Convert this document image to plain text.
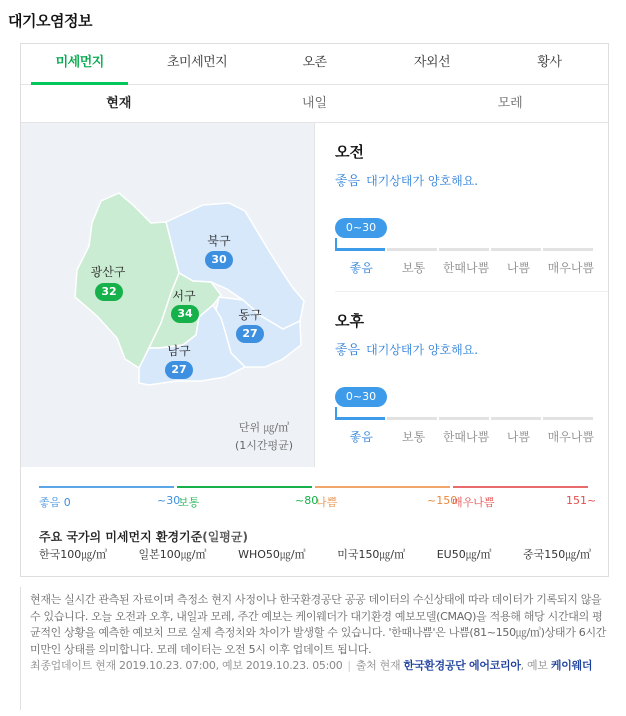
대기오염정보
미세먼지	초미세먼지	오존	자외선	황사
현재	내일	모레
광산구
32
북구
30
서구
34	동구
27
남구
27
단위 ㎍/㎥
(1시간평균)
오전
좋음 대기상태가 양호해요.
0~30
좋음	보통	한때나쁨	나쁨	매우나쁨
오후
좋음 대기상태가 양호해요.
0~30
좋음	보통	한때나쁨	나쁨	매우나쁨
좋음 0	~30
보통	~80
나쁨	~150
매우나쁨	151~
주요 국가의 미세먼지 환경기준(일평균)
한국100㎍/㎥	일본100㎍/㎥	WHO50㎍/㎥	미국150㎍/㎥	EU50㎍/㎥	중국150㎍/㎥
현재는 실시간 관측된 자료이며 측정소 현지 사정이나 한국환경공단 공공 데이터의 수신상태에 따라 데이터가 기록되지 않을 수 있습니다. 오늘 오전과 오후, 내일과 모레, 주간 예보는 케이웨더가 대기환경 예보모델(CMAQ)을 적용해 해당 시간대의 평균적인 상황을 예측한 예보치 므로 실제 측정치와 차이가 발생할 수 있습니다. '한때나쁨'은 나쁨(81~150㎍/㎥)상태가 6시간 미만인 상태를 의미합니다. 모레 데이터는 오전 5시 이후 업데이트 됩니다.
최종업데이트 현재 2019.10.23. 07:00, 예보 2019.10.23. 05:00 | 출처 현재 한국환경공단 에어코리아, 예보 케이웨더
